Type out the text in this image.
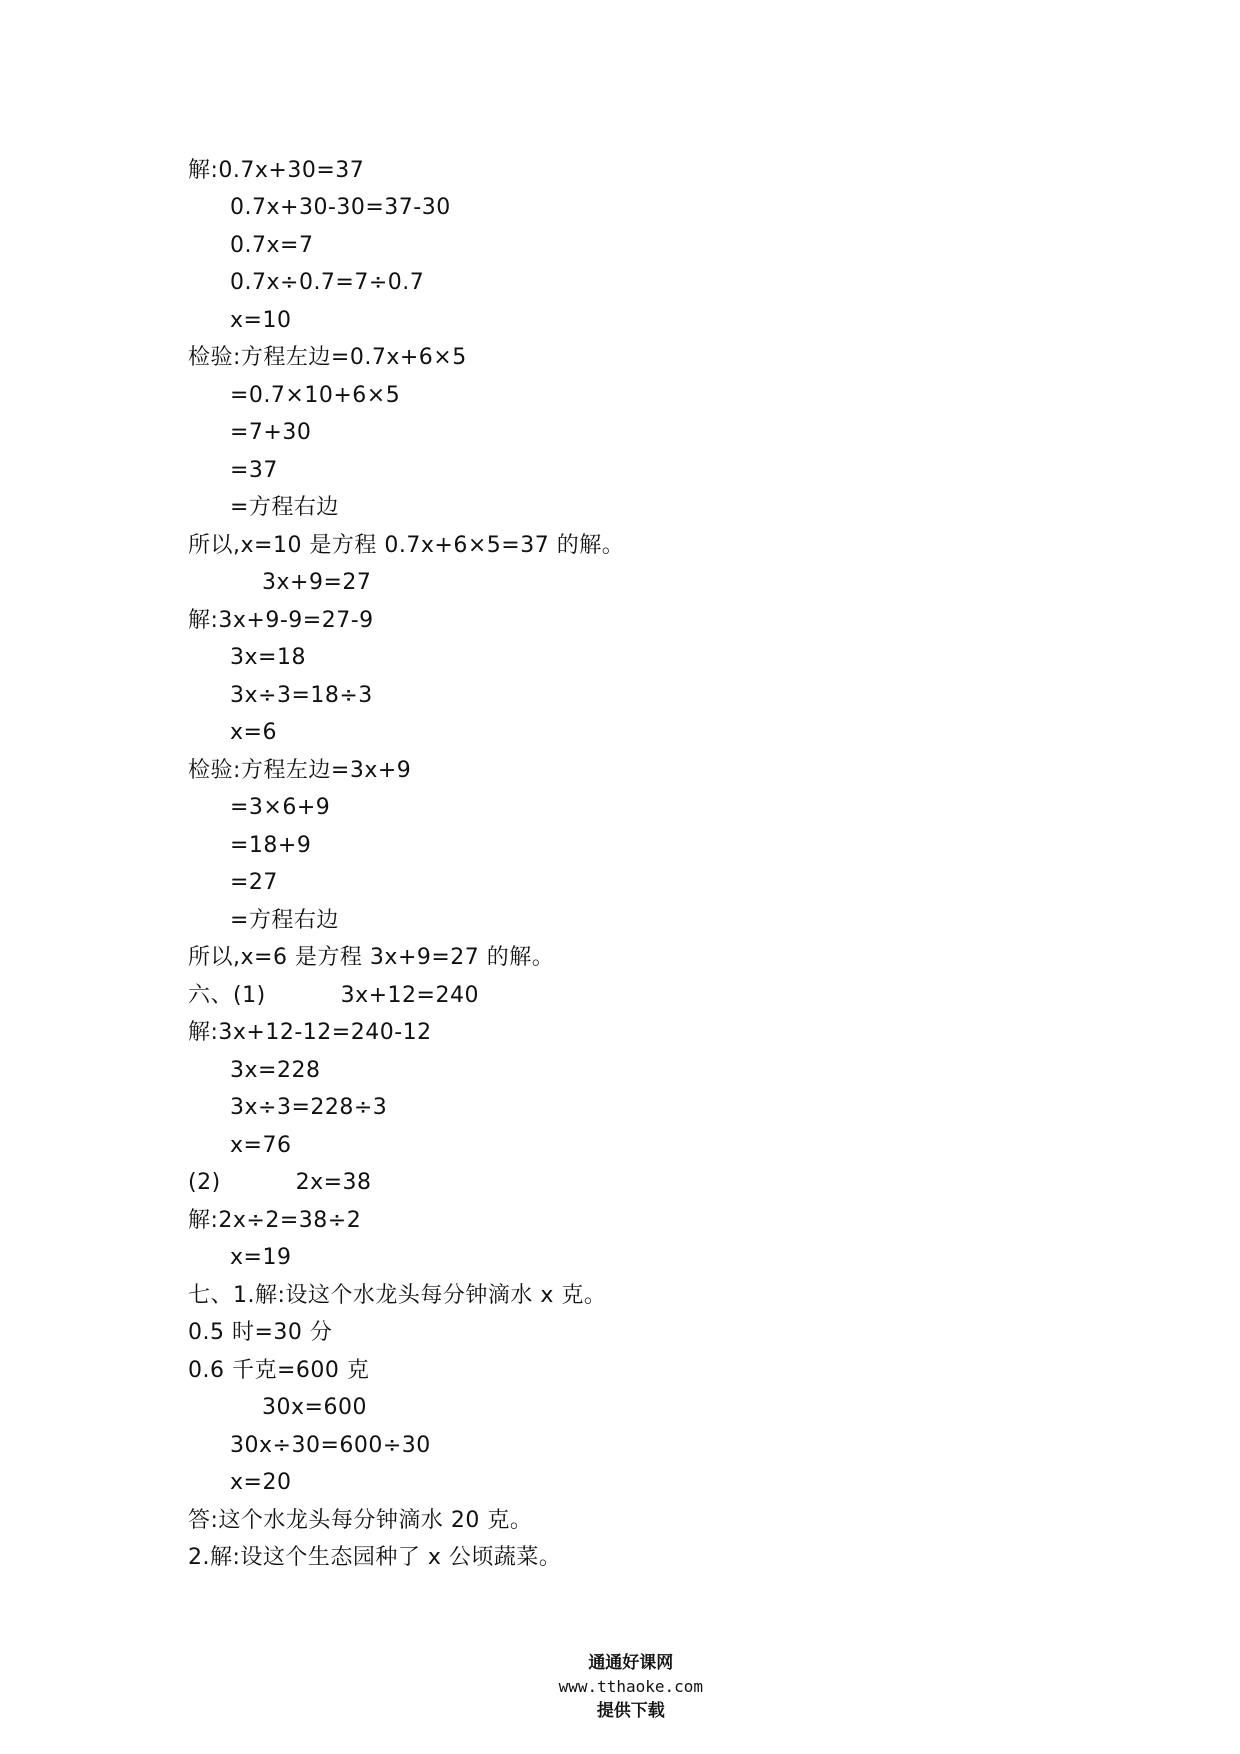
解:0.7x+30=37
0.7x+30-30=37-30
0.7x=7
0.7x÷0.7=7÷0.7
x=10
检验:方程左边=0.7x+6×5
=0.7×10+6×5
=7+30
=37
=方程右边
所以,x=10 是方程 0.7x+6×5=37 的解。
3x+9=27
解:3x+9-9=27-9
3x=18
3x÷3=18÷3
x=6
检验:方程左边=3x+9
=3×6+9
=18+9
=27
=方程右边
所以,x=6 是方程 3x+9=27 的解。
六、(1)          3x+12=240
解:3x+12-12=240-12
3x=228
3x÷3=228÷3
x=76
(2)          2x=38
解:2x÷2=38÷2
x=19
七、1.解:设这个水龙头每分钟滴水 x 克。
0.5 时=30 分
0.6 千克=600 克
30x=600
30x÷30=600÷30
x=20
答:这个水龙头每分钟滴水 20 克。
2.解:设这个生态园种了 x 公顷蔬菜。

通通好课网
www.tthaoke.com
提供下载
